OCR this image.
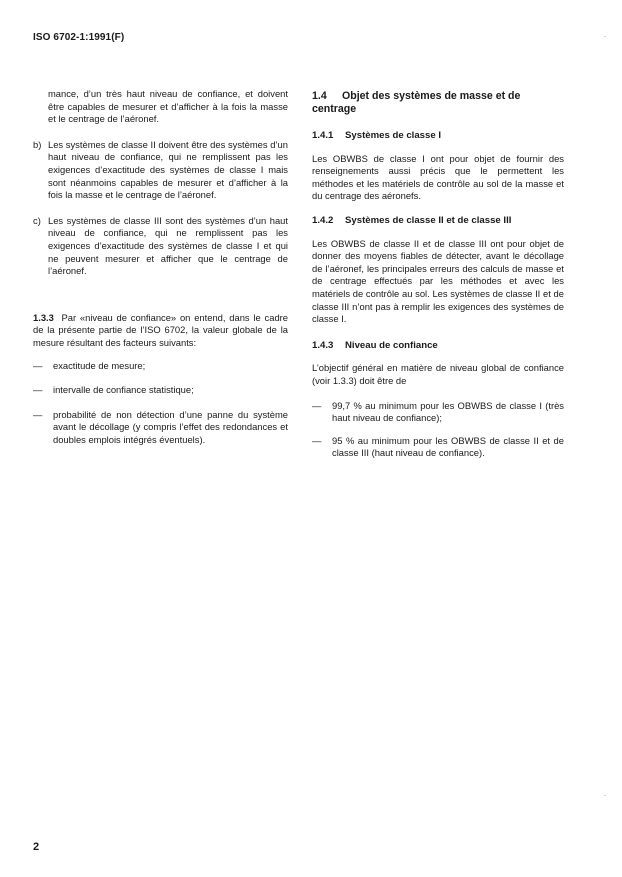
ISO 6702-1:1991(F)

mance, d’un très haut niveau de confiance, et doivent être capables de mesurer et d’afficher à la fois la masse et le centrage de l’aéronef.

b) Les systèmes de classe II doivent être des systèmes d’un haut niveau de confiance, qui ne remplissent pas les exigences d’exactitude des systèmes de classe I mais sont néanmoins capables de mesurer et d’afficher à la fois la masse et le centrage de l’aéronef.
c) Les systèmes de classe III sont des systèmes d’un haut niveau de confiance, qui ne remplissent pas les exigences d’exactitude des systèmes de classe I et qui ne peuvent mesurer et afficher que le centrage de l’aéronef.

1.3.3 Par «niveau de confiance» on entend, dans le cadre de la présente partie de l’ISO 6702, la valeur globale de la mesure résultant des facteurs suivants:

—	exactitude de mesure;
—	intervalle de confiance statistique;
—	probabilité de non détection d’une panne du système avant le décollage (y compris l’effet des redondances et doubles emplois intégrés éventuels).
1.4 Objet des systèmes de masse et de centrage
1.4.1 Systèmes de classe I

Les OBWBS de classe I ont pour objet de fournir des renseignements aussi précis que le permettent les méthodes et les matériels de contrôle au sol de la masse et du centrage des aéronefs.

1.4.2 Systèmes de classe II et de classe III

Les OBWBS de classe II et de classe III ont pour objet de donner des moyens fiables de détecter, avant le décollage de l’aéronef, les principales erreurs des calculs de masse et de centrage effectués par les méthodes et avec les matériels de contrôle au sol. Les systèmes de classe II et de classe III n’ont pas à remplir les exigences des systèmes de classe I.

1.4.3 Niveau de confiance

L’objectif général en matière de niveau global de confiance (voir 1.3.3) doit être de

—	99,7 % au minimum pour les OBWBS de classe I (très haut niveau de confiance);
—	95 % au minimum pour les OBWBS de classe II et de classe III (haut niveau de confiance).
2
